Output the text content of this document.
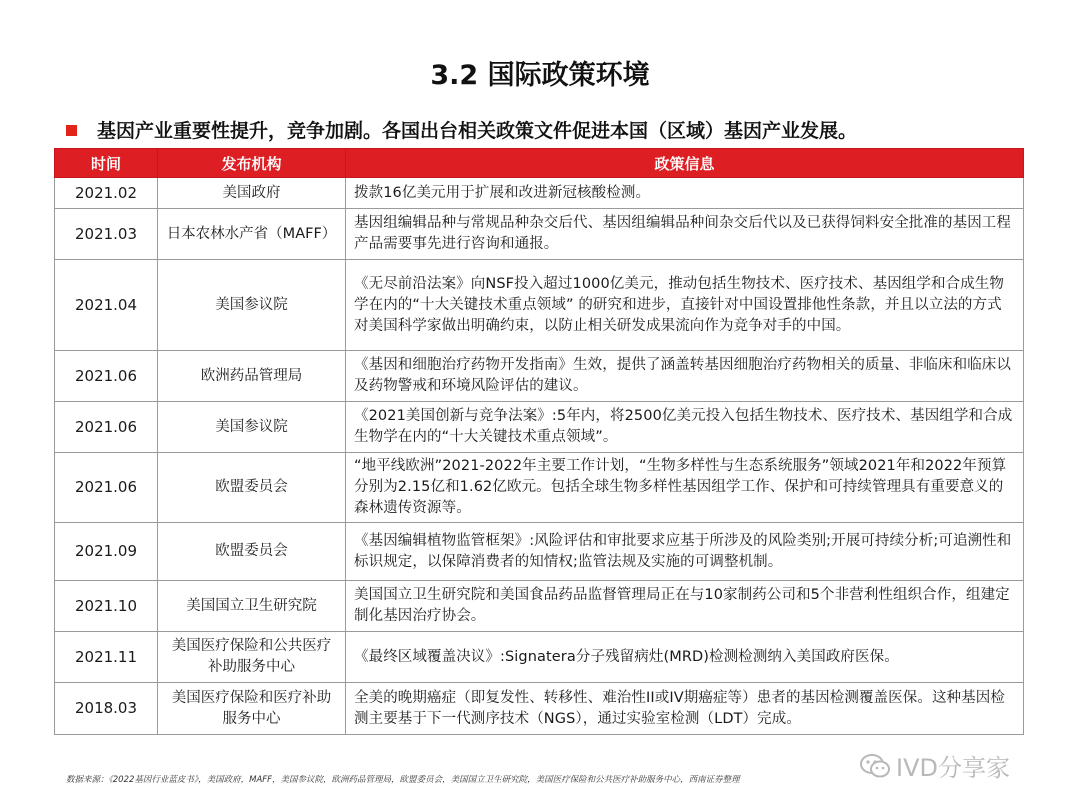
3.2 国际政策环境
基因产业重要性提升，竞争加剧。各国出台相关政策文件促进本国（区域）基因产业发展。
时间	发布机构	政策信息
2021.02	美国政府	拨款16亿美元用于扩展和改进新冠核酸检测。
2021.03	日本农林水产省（MAFF）	基因组编辑品种与常规品种杂交后代、基因组编辑品种间杂交后代以及已获得饲料安全批准的基因工程产品需要事先进行咨询和通报。
2021.04	美国参议院	《无尽前沿法案》向NSF投入超过1000亿美元，推动包括生物技术、医疗技术、基因组学和合成生物学在内的“十大关键技术重点领域” 的研究和进步，直接针对中国设置排他性条款，并且以立法的方式对美国科学家做出明确约束，以防止相关研发成果流向作为竞争对手的中国。
2021.06	欧洲药品管理局	《基因和细胞治疗药物开发指南》生效，提供了涵盖转基因细胞治疗药物相关的质量、非临床和临床以及药物警戒和环境风险评估的建议。
2021.06	美国参议院	《2021美国创新与竞争法案》:5年内，将2500亿美元投入包括生物技术、医疗技术、基因组学和合成生物学在内的“十大关键技术重点领域”。
2021.06	欧盟委员会	“地平线欧洲”2021-2022年主要工作计划，“生物多样性与生态系统服务”领域2021年和2022年预算分别为2.15亿和1.62亿欧元。包括全球生物多样性基因组学工作、保护和可持续管理具有重要意义的森林遗传资源等。
2021.09	欧盟委员会	《基因编辑植物监管框架》:风险评估和审批要求应基于所涉及的风险类别;开展可持续分析;可追溯性和标识规定，以保障消费者的知情权;监管法规及实施的可调整机制。
2021.10	美国国立卫生研究院	美国国立卫生研究院和美国食品药品监督管理局正在与10家制药公司和5个非营利性组织合作，组建定制化基因治疗协会。
2021.11	美国医疗保险和公共医疗补助服务中心	《最终区域覆盖决议》:Signatera分子残留病灶(MRD)检测检测纳入美国政府医保。
2018.03	美国医疗保险和医疗补助服务中心	全美的晚期癌症（即复发性、转移性、难治性II或IV期癌症等）患者的基因检测覆盖医保。这种基因检测主要基于下一代测序技术（NGS），通过实验室检测（LDT）完成。
数据来源：《2022基因行业蓝皮书》，美国政府，MAFF，美国参议院，欧洲药品管理局，欧盟委员会，美国国立卫生研究院，美国医疗保险和公共医疗补助服务中心，西南证券整理	IVD分享家
